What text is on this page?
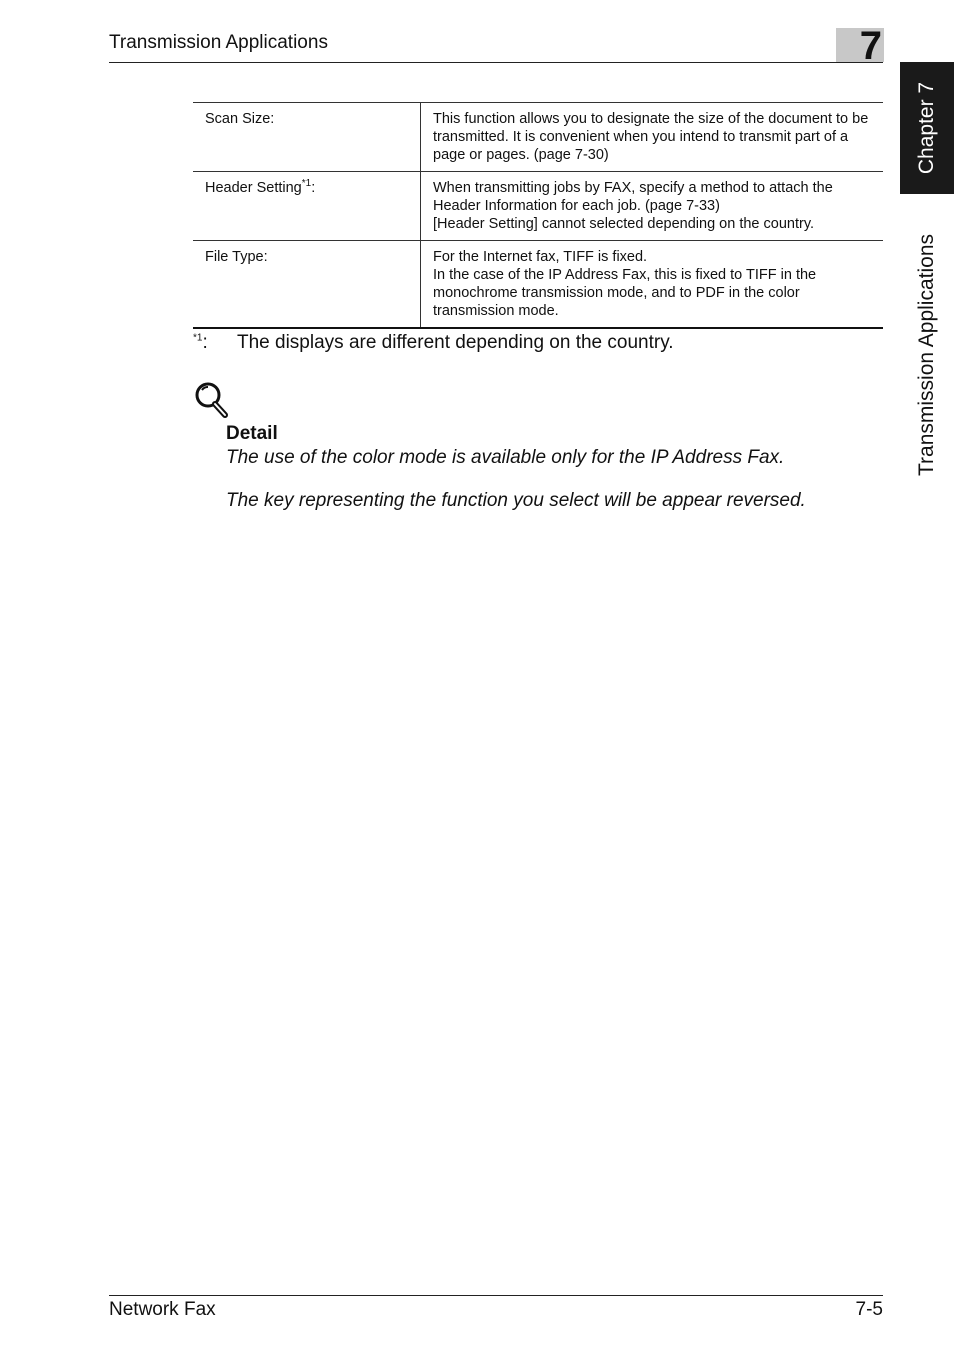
Transmission Applications	7
Chapter 7
Transmission Applications
Scan Size:	This function allows you to designate the size of the document to be transmitted. It is convenient when you intend to transmit part of a page or pages. (page 7-30)
Header Setting$^{*1}$:	When transmitting jobs by FAX, specify a method to attach the Header Information for each job. (page 7-33)
[Header Setting] cannot selected depending on the country.
File Type:	For the Internet fax, TIFF is fixed.
In the case of the IP Address Fax, this is fixed to TIFF in the monochrome transmission mode, and to PDF in the color transmission mode.
$^{*1}$: The displays are different depending on the country.
Detail

The use of the color mode is available only for the IP Address Fax.

The key representing the function you select will be appear reversed.

Network Fax	7-5
